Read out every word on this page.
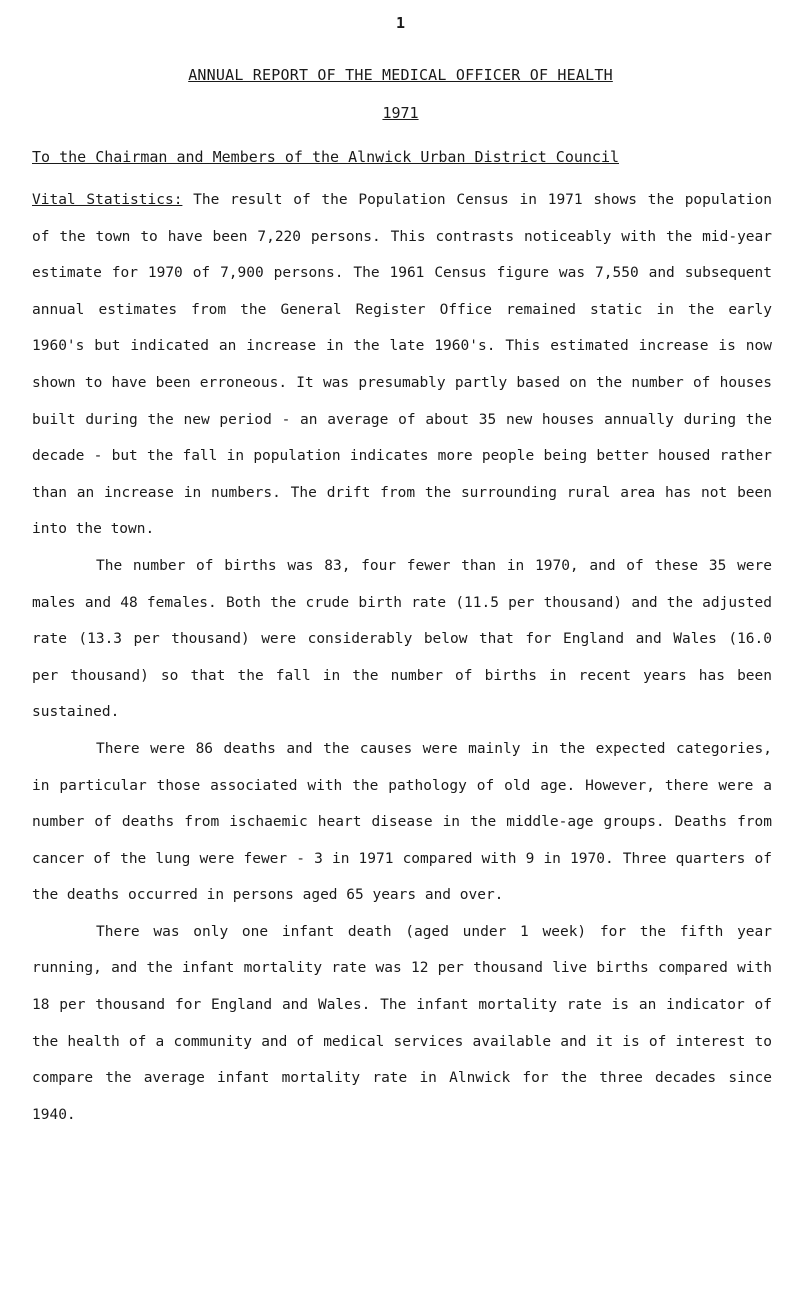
1
ANNUAL REPORT OF THE MEDICAL OFFICER OF HEALTH
1971
To the Chairman and Members of the Alnwick Urban District Council

Vital Statistics: The result of the Population Census in 1971 shows the population of the town to have been 7,220 persons. This contrasts noticeably with the mid-year estimate for 1970 of 7,900 persons. The 1961 Census figure was 7,550 and subsequent annual estimates from the General Register Office remained static in the early 1960's but indicated an increase in the late 1960's. This estimated increase is now shown to have been erroneous. It was presumably partly based on the number of houses built during the new period - an average of about 35 new houses annually during the decade - but the fall in population indicates more people being better housed rather than an increase in numbers. The drift from the surrounding rural area has not been into the town.

The number of births was 83, four fewer than in 1970, and of these 35 were males and 48 females. Both the crude birth rate (11.5 per thousand) and the adjusted rate (13.3 per thousand) were considerably below that for England and Wales (16.0 per thousand) so that the fall in the number of births in recent years has been sustained.

There were 86 deaths and the causes were mainly in the expected categories, in particular those associated with the pathology of old age. However, there were a number of deaths from ischaemic heart disease in the middle-age groups. Deaths from cancer of the lung were fewer - 3 in 1971 compared with 9 in 1970. Three quarters of the deaths occurred in persons aged 65 years and over.

There was only one infant death (aged under 1 week) for the fifth year running, and the infant mortality rate was 12 per thousand live births compared with 18 per thousand for England and Wales. The infant mortality rate is an indicator of the health of a community and of medical services available and it is of interest to compare the average infant mortality rate in Alnwick for the three decades since 1940.
